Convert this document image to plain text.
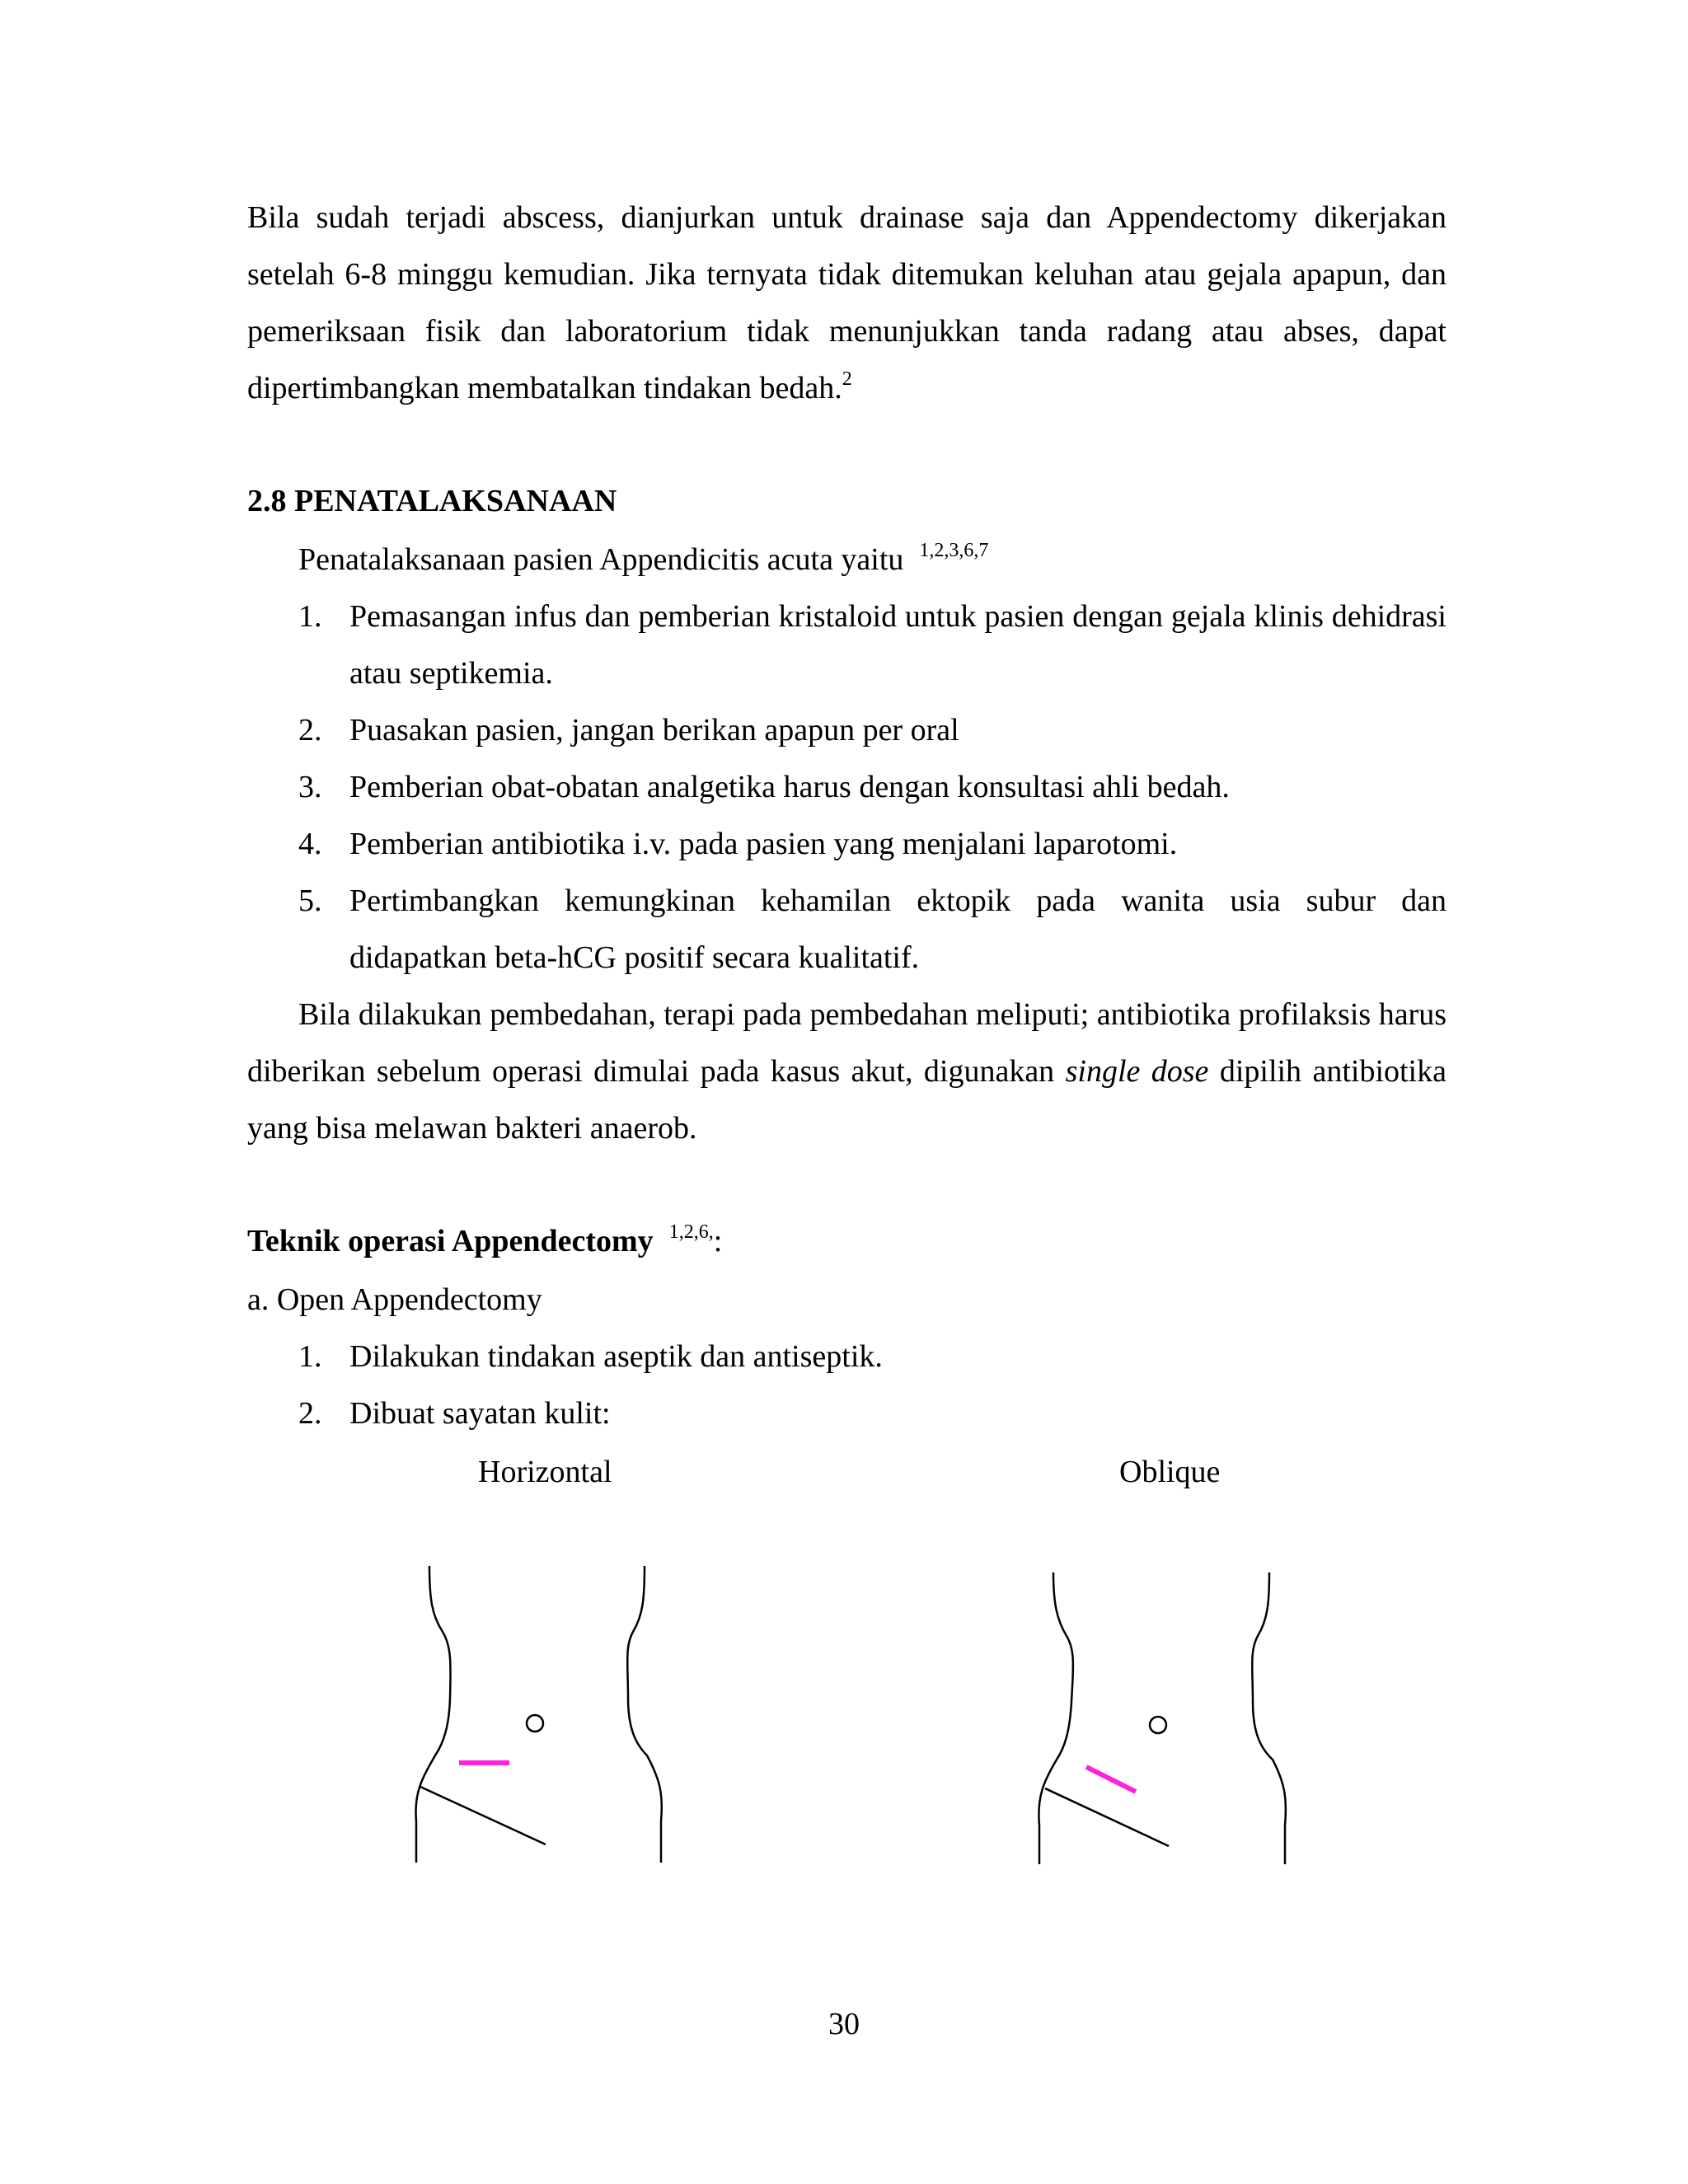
Bila sudah terjadi abscess, dianjurkan untuk drainase saja dan Appendectomy dikerjakan setelah 6-8 minggu kemudian. Jika ternyata tidak ditemukan keluhan atau gejala apapun, dan pemeriksaan fisik dan laboratorium tidak menunjukkan tanda radang atau abses, dapat dipertimbangkan membatalkan tindakan bedah.$^2$

2.8 PENATALAKSANAAN

Penatalaksanaan pasien Appendicitis acuta yaitu $^{1,2,3,6,7}$

1. Pemasangan infus dan pemberian kristaloid untuk pasien dengan gejala klinis dehidrasi atau septikemia.
2. Puasakan pasien, jangan berikan apapun per oral
3. Pemberian obat-obatan analgetika harus dengan konsultasi ahli bedah.
4. Pemberian antibiotika i.v. pada pasien yang menjalani laparotomi.
5. Pertimbangkan kemungkinan kehamilan ektopik pada wanita usia subur dan didapatkan beta-hCG positif secara kualitatif.

Bila dilakukan pembedahan, terapi pada pembedahan meliputi; antibiotika profilaksis harus diberikan sebelum operasi dimulai pada kasus akut, digunakan single dose dipilih antibiotika yang bisa melawan bakteri anaerob.

Teknik operasi Appendectomy $^{1,2,6,}$:

a. Open Appendectomy

1. Dilakukan tindakan aseptik dan antiseptik.
2. Dibuat sayatan kulit:

Horizontal	Oblique

30
